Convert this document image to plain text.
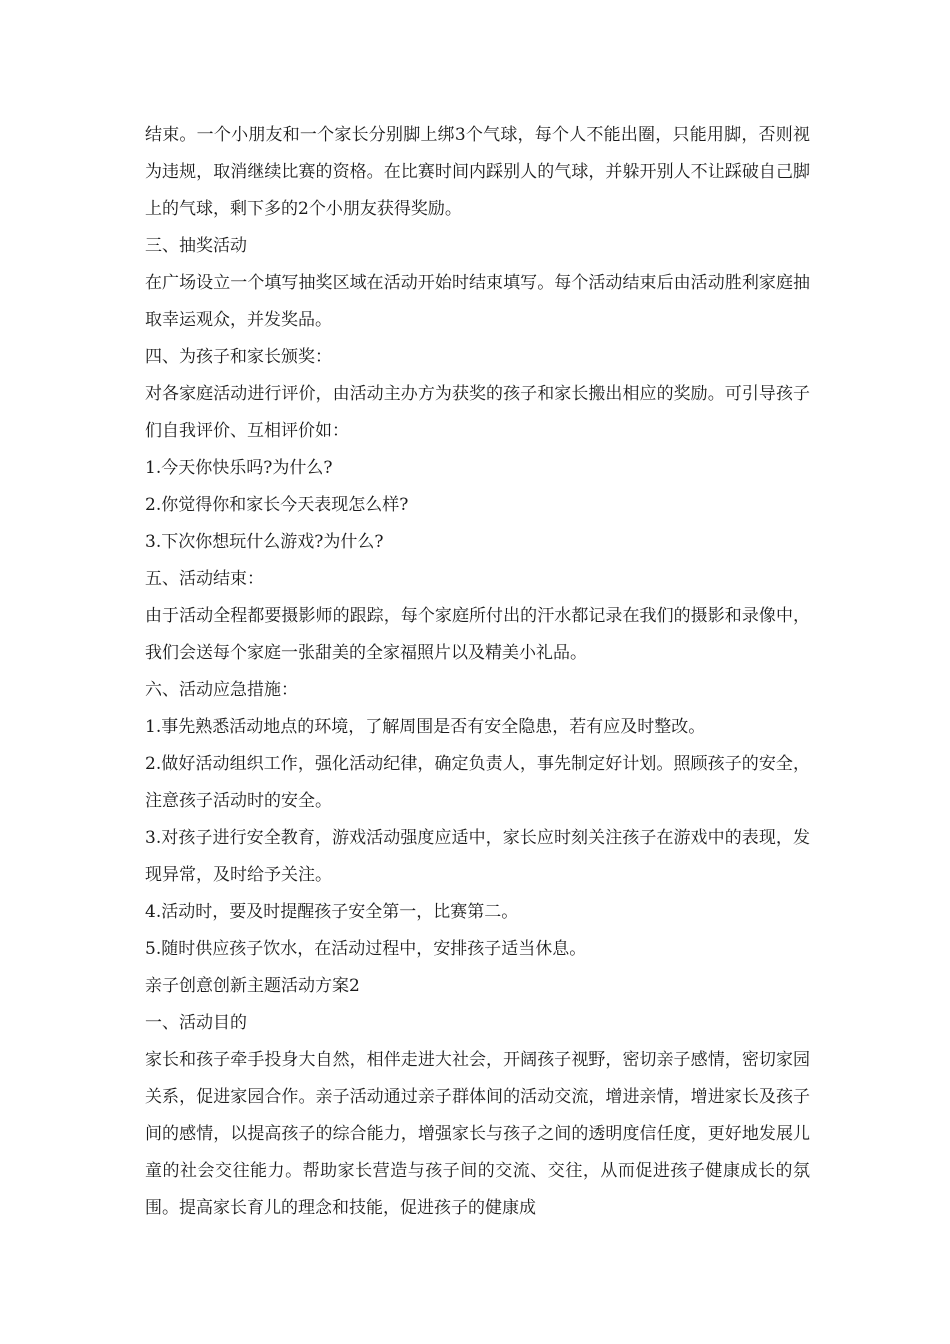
结束。一个小朋友和一个家长分别脚上绑3个气球，每个人不能出圈，只能用脚，否则视为违规，取消继续比赛的资格。在比赛时间内踩别人的气球，并躲开别人不让踩破自己脚上的气球，剩下多的2个小朋友获得奖励。

三、抽奖活动

在广场设立一个填写抽奖区域在活动开始时结束填写。每个活动结束后由活动胜利家庭抽取幸运观众，并发奖品。

四、为孩子和家长颁奖：

对各家庭活动进行评价，由活动主办方为获奖的孩子和家长搬出相应的奖励。可引导孩子们自我评价、互相评价如：

1.今天你快乐吗?为什么?

2.你觉得你和家长今天表现怎么样?

3.下次你想玩什么游戏?为什么?

五、活动结束：

由于活动全程都要摄影师的跟踪，每个家庭所付出的汗水都记录在我们的摄影和录像中，我们会送每个家庭一张甜美的全家福照片以及精美小礼品。

六、活动应急措施：

1.事先熟悉活动地点的环境，了解周围是否有安全隐患，若有应及时整改。

2.做好活动组织工作，强化活动纪律，确定负责人，事先制定好计划。照顾孩子的安全，注意孩子活动时的安全。

3.对孩子进行安全教育，游戏活动强度应适中，家长应时刻关注孩子在游戏中的表现，发现异常，及时给予关注。

4.活动时，要及时提醒孩子安全第一，比赛第二。

5.随时供应孩子饮水，在活动过程中，安排孩子适当休息。

亲子创意创新主题活动方案2

一、活动目的

家长和孩子牵手投身大自然，相伴走进大社会，开阔孩子视野，密切亲子感情，密切家园关系，促进家园合作。亲子活动通过亲子群体间的活动交流，增进亲情，增进家长及孩子间的感情，以提高孩子的综合能力，增强家长与孩子之间的透明度信任度，更好地发展儿童的社会交往能力。帮助家长营造与孩子间的交流、交往，从而促进孩子健康成长的氛围。提高家长育儿的理念和技能，促进孩子的健康成
